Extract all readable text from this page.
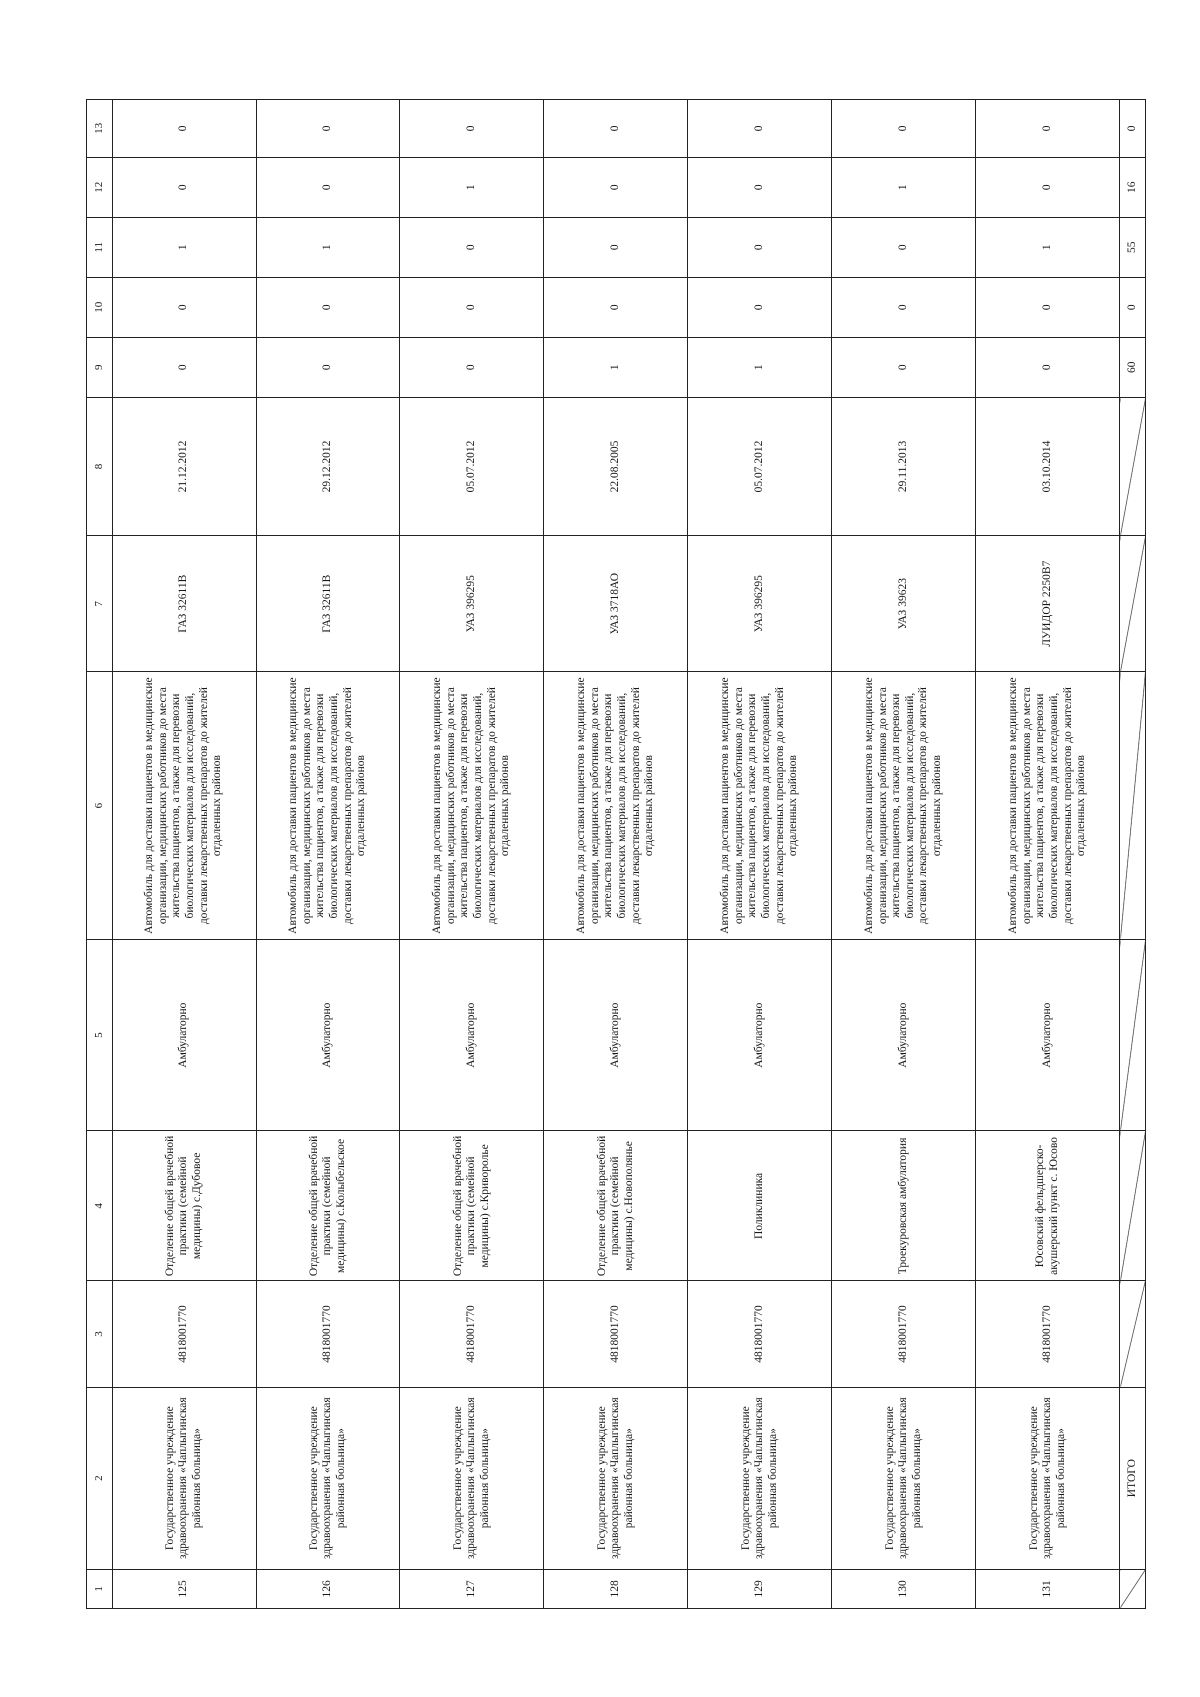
1	2	3	4	5	6	7	8	9	10	11	12	13
125	Государственное учреждение здравоохранения «Чаплыгинская районная больница»	4818001770	Отделение общей врачебной практики (семейной медицины) с.Дубовое	Амбулаторно	Автомобиль для доставки пациентов в медицинские организации, медицинских работников до места жительства пациентов, а также для перевозки биологических материалов для исследований, доставки лекарственных препаратов до жителей отдаленных районов	ГАЗ 32611В	21.12.2012	0	0	1	0	0
126	Государственное учреждение здравоохранения «Чаплыгинская районная больница»	4818001770	Отделение общей врачебной практики (семейной медицины) с.Колыбельское	Амбулаторно	Автомобиль для доставки пациентов в медицинские организации, медицинских работников до места жительства пациентов, а также для перевозки биологических материалов для исследований, доставки лекарственных препаратов до жителей отдаленных районов	ГАЗ 32611В	29.12.2012	0	0	1	0	0
127	Государственное учреждение здравоохранения «Чаплыгинская районная больница»	4818001770	Отделение общей врачебной практики (семейной медицины) с.Криворолье	Амбулаторно	Автомобиль для доставки пациентов в медицинские организации, медицинских работников до места жительства пациентов, а также для перевозки биологических материалов для исследований, доставки лекарственных препаратов до жителей отдаленных районов	УАЗ 396295	05.07.2012	0	0	0	1	0
128	Государственное учреждение здравоохранения «Чаплыгинская районная больница»	4818001770	Отделение общей врачебной практики (семейной медицины) с.Новополянье	Амбулаторно	Автомобиль для доставки пациентов в медицинские организации, медицинских работников до места жительства пациентов, а также для перевозки биологических материалов для исследований, доставки лекарственных препаратов до жителей отдаленных районов	УАЗ 3718АО	22.08.2005	1	0	0	0	0
129	Государственное учреждение здравоохранения «Чаплыгинская районная больница»	4818001770	Поликлиника	Амбулаторно	Автомобиль для доставки пациентов в медицинские организации, медицинских работников до места жительства пациентов, а также для перевозки биологических материалов для исследований, доставки лекарственных препаратов до жителей отдаленных районов	УАЗ 396295	05.07.2012	1	0	0	0	0
130	Государственное учреждение здравоохранения «Чаплыгинская районная больница»	4818001770	Троекуровская амбулатория	Амбулаторно	Автомобиль для доставки пациентов в медицинские организации, медицинских работников до места жительства пациентов, а также для перевозки биологических материалов для исследований, доставки лекарственных препаратов до жителей отдаленных районов	УАЗ 39623	29.11.2013	0	0	0	1	0
131	Государственное учреждение здравоохранения «Чаплыгинская районная больница»	4818001770	Юсовский фельдшерско-акушерский пункт с. Юсово	Амбулаторно	Автомобиль для доставки пациентов в медицинские организации, медицинских работников до места жительства пациентов, а также для перевозки биологических материалов для исследований, доставки лекарственных препаратов до жителей отдаленных районов	ЛУИДОР 2250В7	03.10.2014	0	0	1	0	0
	ИТОГО							60	0	55	16	0
